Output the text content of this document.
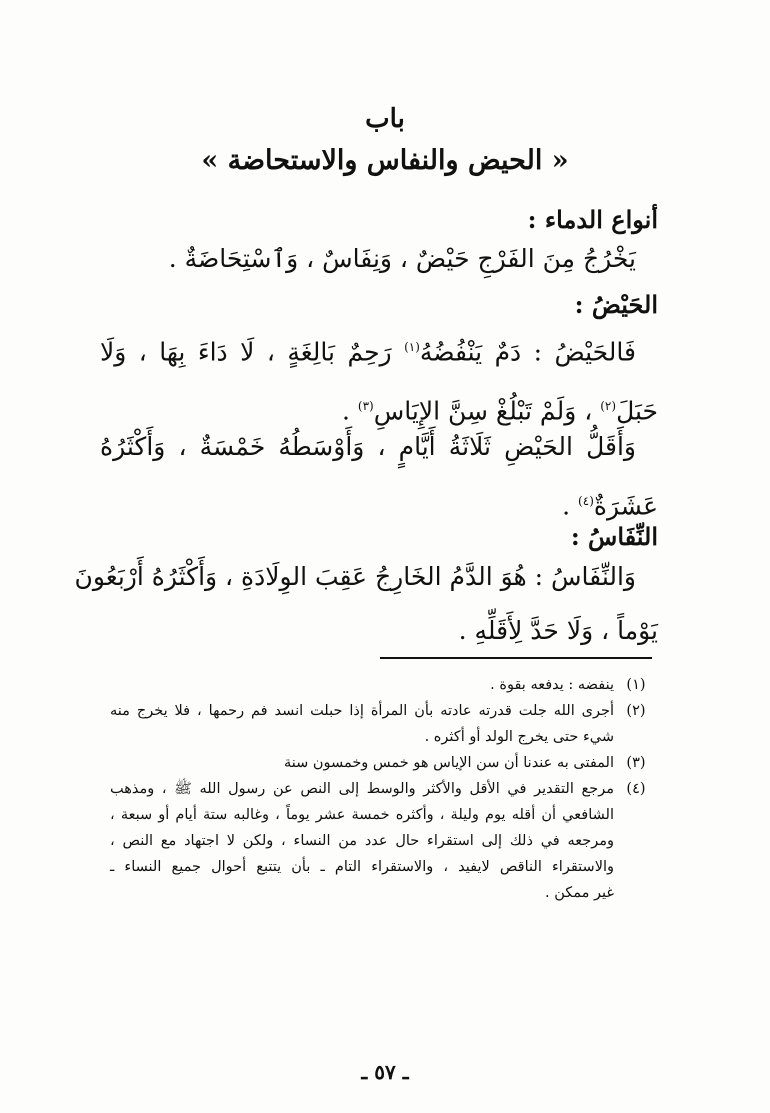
باب
« الحيض والنفاس والاستحاضة »
أنواع الدماء :
يَخْرُجُ مِنَ الفَرْجِ حَيْضٌ ، وَنِفَاسٌ ، وَٱسْتِحَاضَةٌ .
الحَيْضُ :
فَالحَيْضُ : دَمٌ يَنْفُضُهُ$^{(١)}$ رَحِمٌ بَالِغَةٍ ، لَا دَاءَ بِهَا ، وَلَا
حَبَلَ$^{(٢)}$ ، وَلَمْ تَبْلُغْ سِنَّ الإِيَاسِ$^{(٣)}$ .
وَأَقَلُّ الحَيْضِ ثَلَاثَةُ أَيَّامٍ ، وَأَوْسَطُهُ خَمْسَةٌ ، وَأَكْثَرُهُ
عَشَرَةٌ$^{(٤)}$ .
النِّفَاسُ :
وَالنِّفَاسُ : هُوَ الدَّمُ الخَارِجُ عَقِبَ الوِلَادَةِ ، وَأَكْثَرُهُ أَرْبَعُونَ
يَوْماً ، وَلَا حَدَّ لِأَقَلِّهِ .
(١)
ينفضه : يدفعه بقوة .
(٢)
أجرى الله جلت قدرته عادته بأن المرأة إذا حبلت انسد فم رحمها ، فلا يخرج منه
شيء حتى يخرج الولد أو أكثره .
(٣)
المفتى به عندنا أن سن الإياس هو خمس وخمسون سنة
(٤)
مرجع التقدير في الأقل والأكثر والوسط إلى النص عن رسول الله ﷺ ، ومذهب
الشافعي أن أقله يوم وليلة ، وأكثره خمسة عشر يوماً ، وغالبه ستة أيام أو سبعة ،
ومرجعه في ذلك إلى استقراء حال عدد من النساء ، ولكن لا اجتهاد مع النص ،
والاستقراء الناقص لايفيد ، والاستقراء التام ـ بأن يتتبع أحوال جميع النساء ـ
غير ممكن .
ـ ٥٧ ـ
